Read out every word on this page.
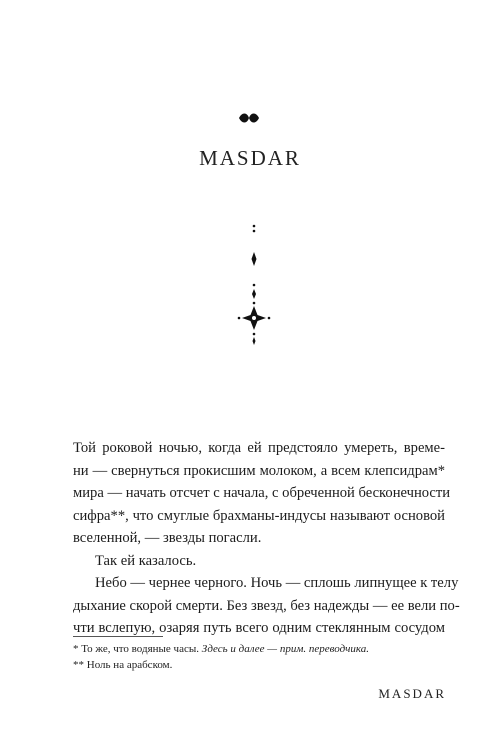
MASDAR

Той роковой ночью, когда ей предстояло умереть, време-
ни — свернуться прокисшим молоком, а всем клепсидрам*
мира — начать отсчет с начала, с обреченной бесконечности
сифра**, что смуглые брахманы-индусы называют основой
вселенной, — звезды погасли.

Так ей казалось.

Небо — чернее черного. Ночь — сплошь липнущее к телу
дыхание скорой смерти. Без звезд, без надежды — ее вели по-
чти вслепую, озаряя путь всего одним стеклянным сосудом

* То же, что водяные часы. Здесь и далее — прим. переводчика.
** Ноль на арабском.
MASDAR
